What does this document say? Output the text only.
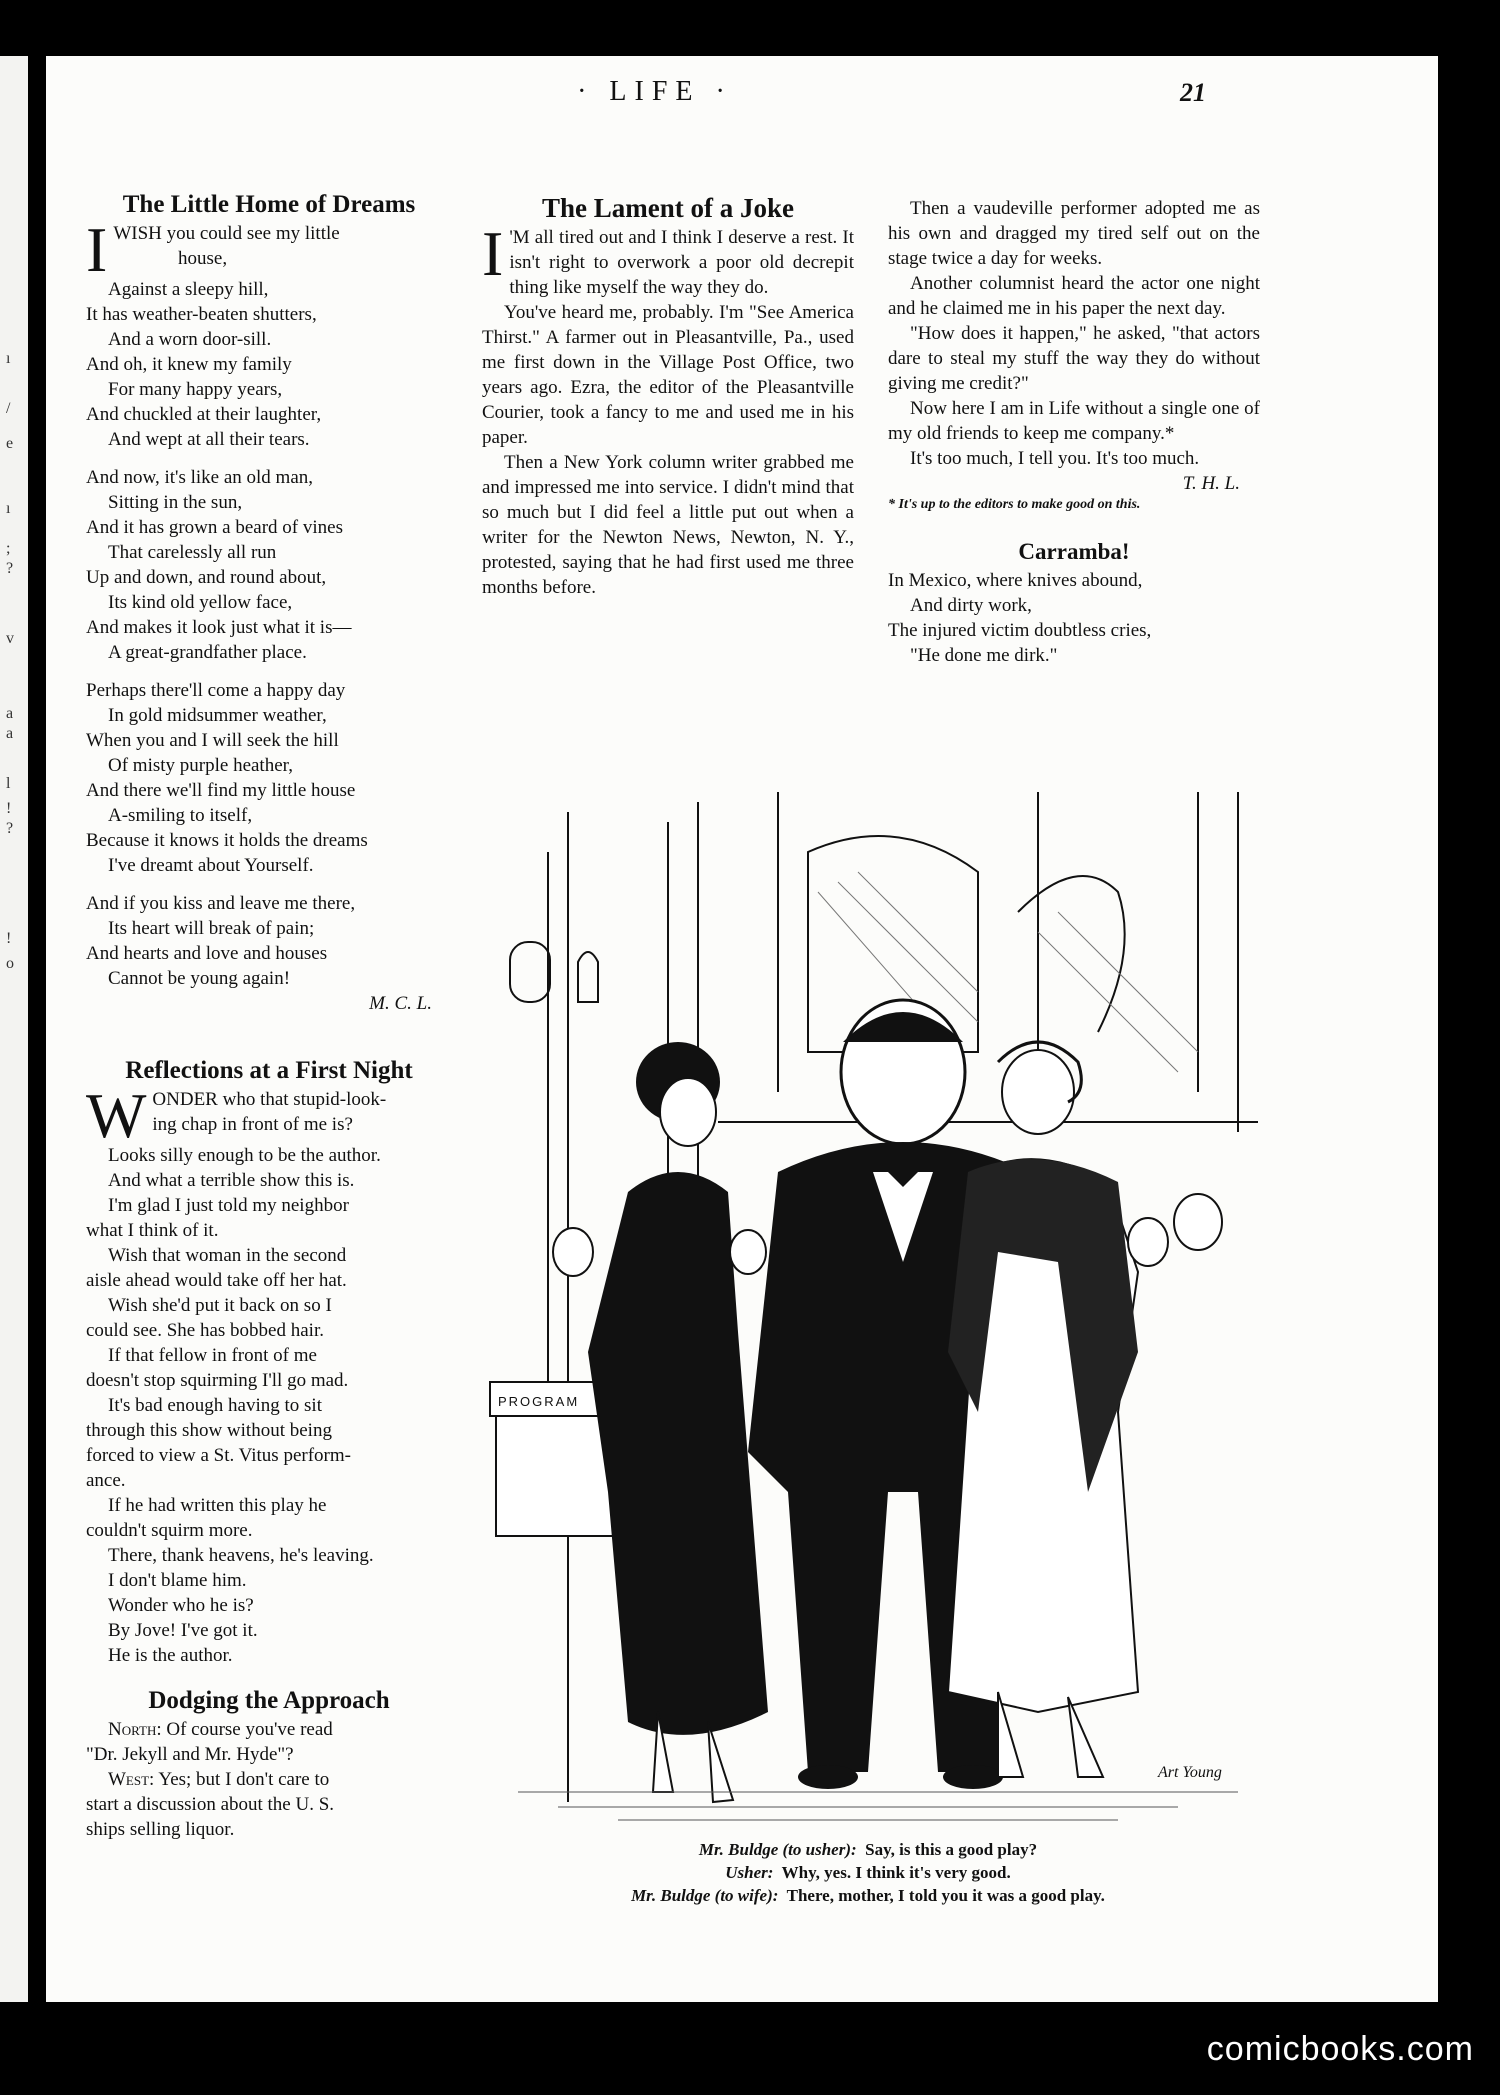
· LIFE ·	21
The Little Home of Dreams
I WISH you could see my little
house,
Against a sleepy hill,
It has weather-beaten shutters,
And a worn door-sill.
And oh, it knew my family
For many happy years,
And chuckled at their laughter,
And wept at all their tears.
And now, it's like an old man,
Sitting in the sun,
And it has grown a beard of vines
That carelessly all run
Up and down, and round about,
Its kind old yellow face,
And makes it look just what it is—
A great-grandfather place.
Perhaps there'll come a happy day
In gold midsummer weather,
When you and I will seek the hill
Of misty purple heather,
And there we'll find my little house
A-smiling to itself,
Because it knows it holds the dreams
I've dreamt about Yourself.
And if you kiss and leave me there,
Its heart will break of pain;
And hearts and love and houses
Cannot be young again!
M. C. L.
Reflections at a First Night
W ONDER who that stupid-look-
ing chap in front of me is?
Looks silly enough to be the author.
And what a terrible show this is.
I'm glad I just told my neighbor
what I think of it.
Wish that woman in the second
aisle ahead would take off her hat.
Wish she'd put it back on so I
could see. She has bobbed hair.
If that fellow in front of me
doesn't stop squirming I'll go mad.
It's bad enough having to sit
through this show without being
forced to view a St. Vitus perform-
ance.
If he had written this play he
couldn't squirm more.
There, thank heavens, he's leaving.
I don't blame him.
Wonder who he is?
By Jove! I've got it.
He is the author.
Dodging the Approach
North: Of course you've read
"Dr. Jekyll and Mr. Hyde"?
West: Yes; but I don't care to
start a discussion about the U. S.
ships selling liquor.
The Lament of a Joke
I 'M all tired out and I think I deserve a rest. It isn't right to overwork a poor old decrepit thing like myself the way they do.

You've heard me, probably. I'm "See America Thirst." A farmer out in Pleasantville, Pa., used me first down in the Village Post Office, two years ago. Ezra, the editor of the Pleasantville Courier, took a fancy to me and used me in his paper.

Then a New York column writer grabbed me and impressed me into service. I didn't mind that so much but I did feel a little put out when a writer for the Newton News, Newton, N. Y., protested, saying that he had first used me three months before.

Then a vaudeville performer adopted me as his own and dragged my tired self out on the stage twice a day for weeks.

Another columnist heard the actor one night and he claimed me in his paper the next day.

"How does it happen," he asked, "that actors dare to steal my stuff the way they do without giving me credit?"

Now here I am in Life without a single one of my old friends to keep me company.*

It's too much, I tell you. It's too much.

T. H. L.
* It's up to the editors to make good on this.
Carramba!
In Mexico, where knives abound,
And dirty work,
The injured victim doubtless cries,
"He done me dirk."
PROGRAM
Art Young
Mr. Buldge (to usher): Say, is this a good play?
Usher: Why, yes. I think it's very good.
Mr. Buldge (to wife): There, mother, I told you it was a good play.
comicbooks.com
ı
/
e
ı
;
?
v
a
a
l
!
?
!
o
